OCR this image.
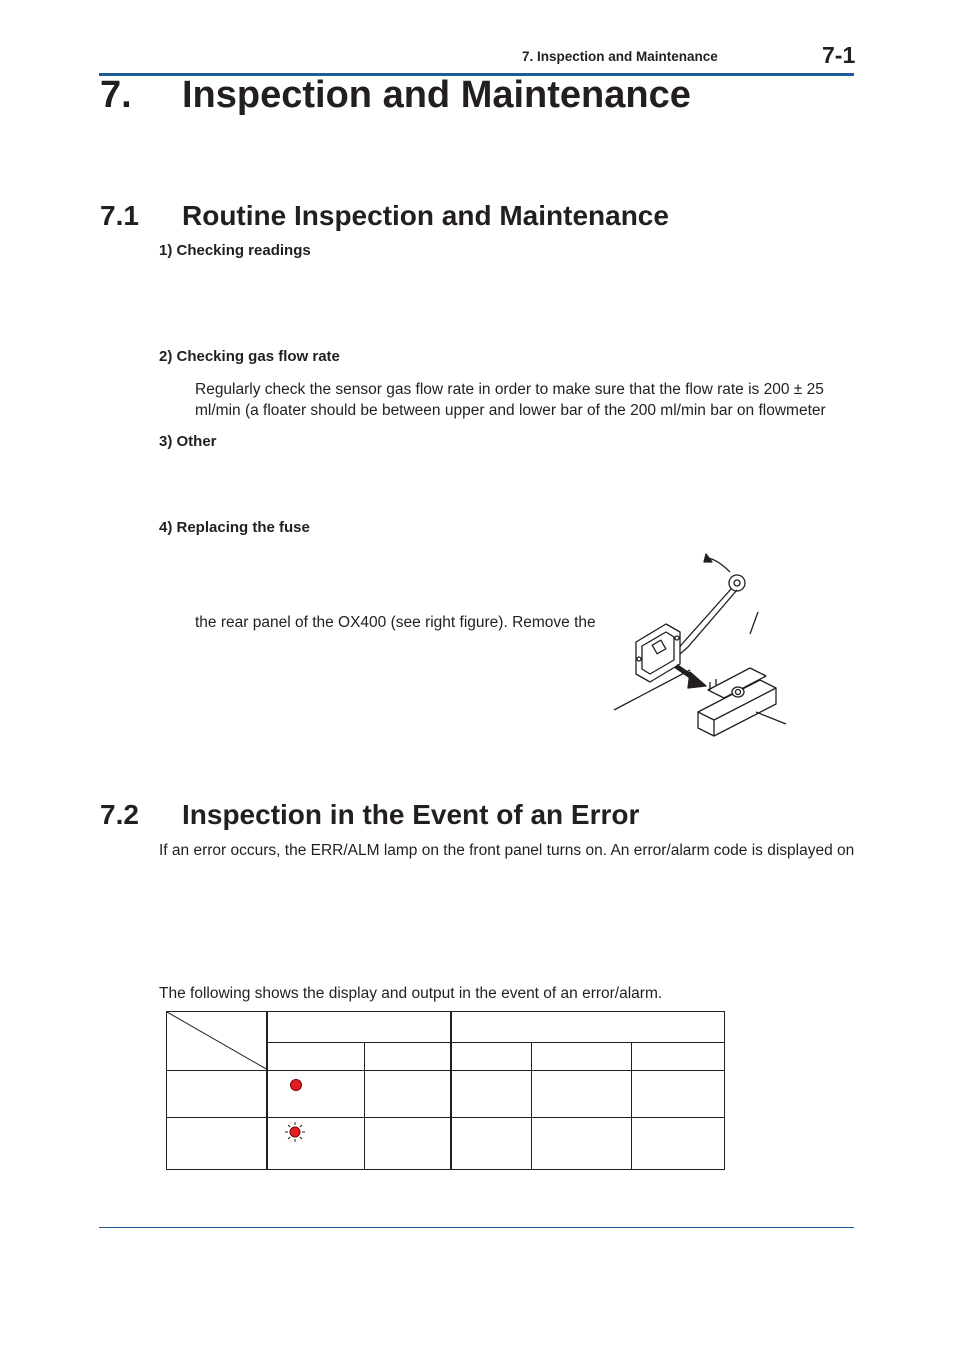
7. Inspection and Maintenance	7-1
7. Inspection and Maintenance
7.1 Routine Inspection and Maintenance
1) Checking readings
2) Checking gas flow rate
Regularly check the sensor gas flow rate in order to make sure that the flow rate is 200 ± 25
ml/min (a floater should be between upper and lower bar of the 200 ml/min bar on flowmeter
3) Other
4) Replacing the fuse
the rear panel of the OX400 (see right figure). Remove the
7.2 Inspection in the Event of an Error
If an error occurs, the ERR/ALM lamp on the front panel turns on. An error/alarm code is displayed on
The following shows the display and output in the event of an error/alarm.
